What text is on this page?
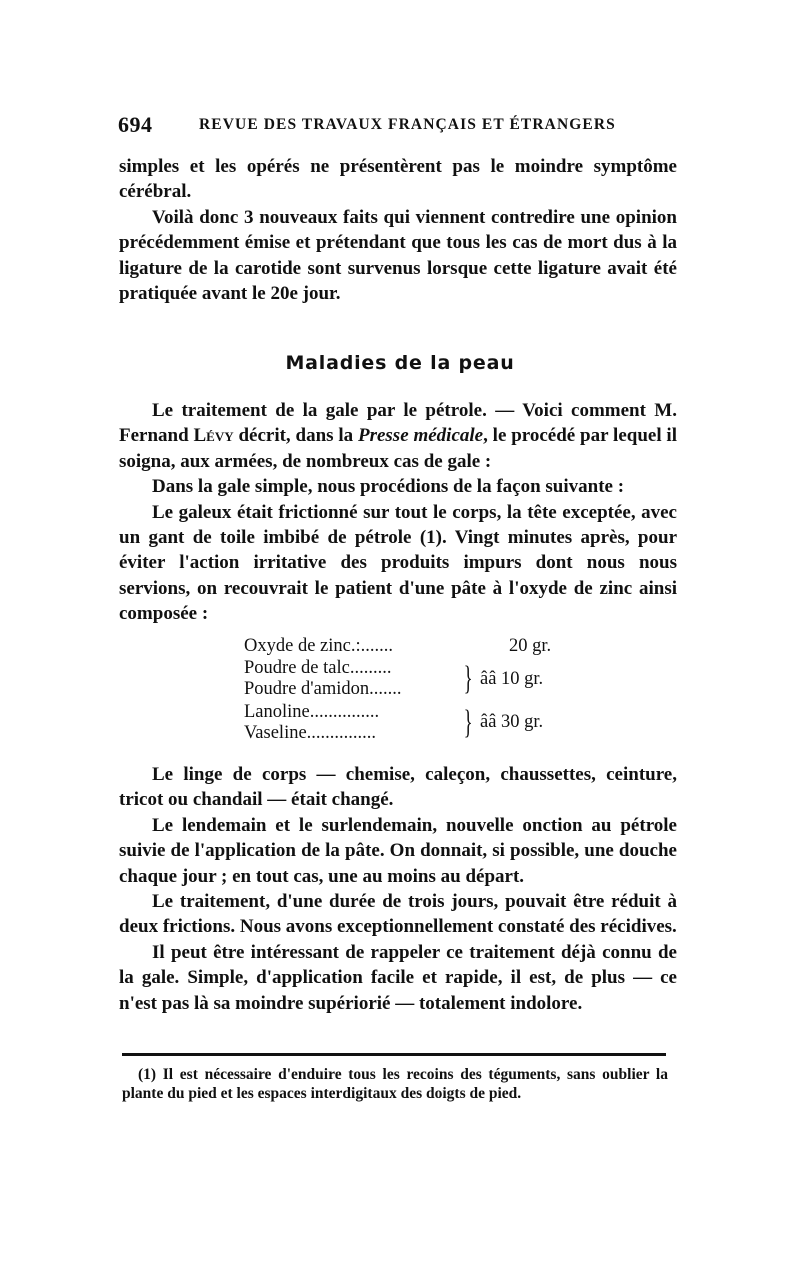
694	REVUE DES TRAVAUX FRANÇAIS ET ÉTRANGERS

simples et les opérés ne présentèrent pas le moindre symptôme cérébral.

Voilà donc 3 nouveaux faits qui viennent contredire une opinion précédemment émise et prétendant que tous les cas de mort dus à la ligature de la carotide sont survenus lorsque cette ligature avait été pratiquée avant le 20e jour.

Maladies de la peau

Le traitement de la gale par le pétrole. — Voici comment M. Fernand Lévy décrit, dans la Presse médicale, le procédé par lequel il soigna, aux armées, de nombreux cas de gale :

Dans la gale simple, nous procédions de la façon suivante :

Le galeux était frictionné sur tout le corps, la tête exceptée, avec un gant de toile imbibé de pétrole (1). Vingt minutes après, pour éviter l'action irritative des produits impurs dont nous nous servions, on recouvrait le patient d'une pâte à l'oxyde de zinc ainsi composée :

Oxyde de zinc.:.......	20 gr.
Poudre de talc.........
Poudre d'amidon....... } ââ 10 gr.
Lanoline...............
Vaseline...............	} ââ 30 gr.

Le linge de corps — chemise, caleçon, chaussettes, ceinture, tricot ou chandail — était changé.

Le lendemain et le surlendemain, nouvelle onction au pétrole suivie de l'application de la pâte. On donnait, si possible, une douche chaque jour ; en tout cas, une au moins au départ.

Le traitement, d'une durée de trois jours, pouvait être réduit à deux frictions. Nous avons exceptionnellement constaté des récidives.

Il peut être intéressant de rappeler ce traitement déjà connu de la gale. Simple, d'application facile et rapide, il est, de plus — ce n'est pas là sa moindre supériorié — totalement indolore.

(1) Il est nécessaire d'enduire tous les recoins des téguments, sans oublier la plante du pied et les espaces interdigitaux des doigts de pied.
